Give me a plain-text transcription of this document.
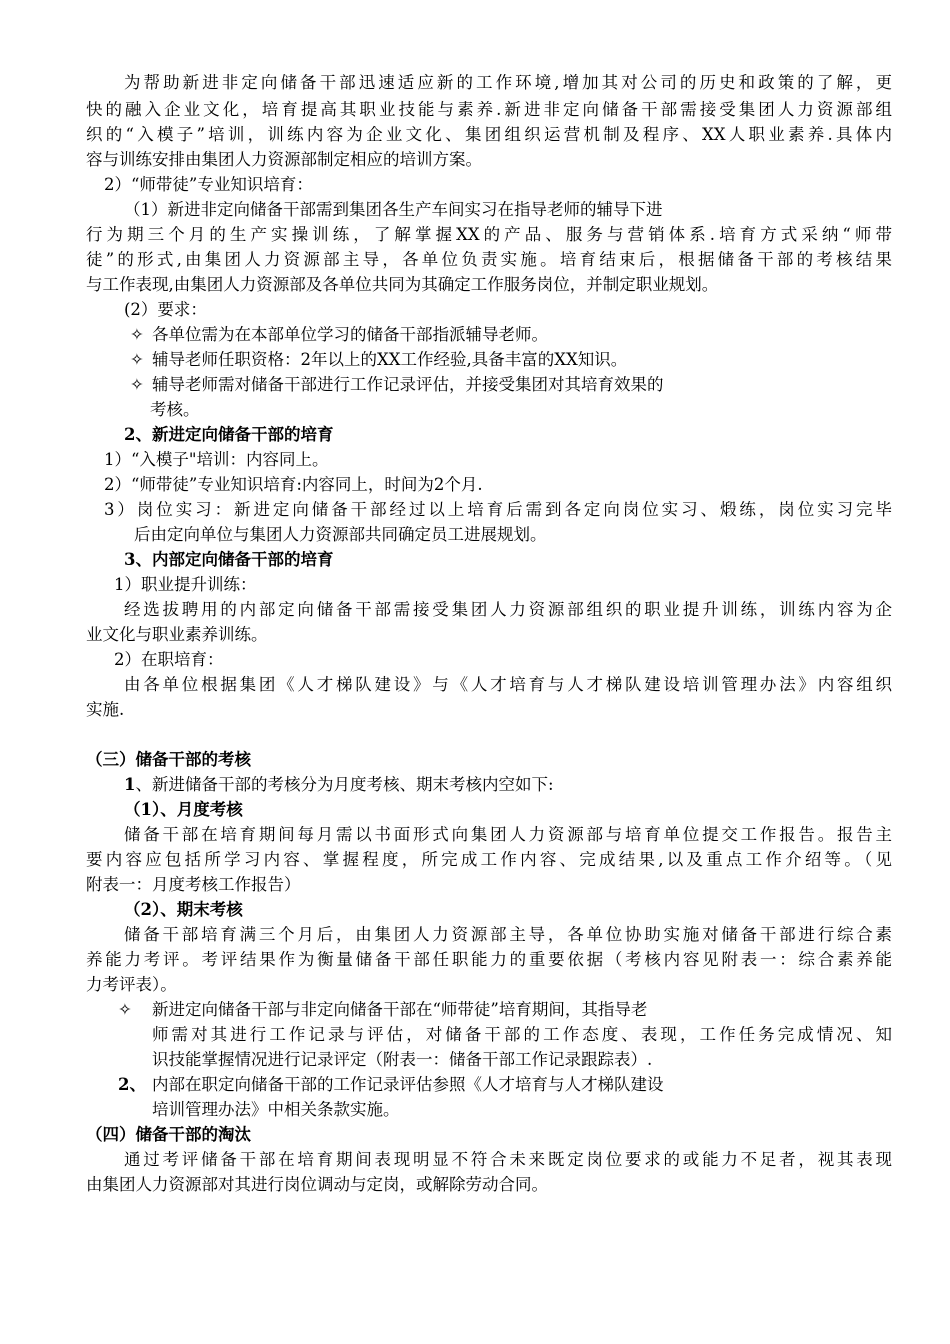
为帮助新进非定向储备干部迅速适应新的工作环境,增加其对公司的历史和政策的了解，更
快的融入企业文化，培育提高其职业技能与素养.新进非定向储备干部需接受集团人力资源部组
织的“入模子”培训，训练内容为企业文化、集团组织运营机制及程序、XX人职业素养.具体内
容与训练安排由集团人力资源部制定相应的培训方案。
2）“师带徒”专业知识培育：
（1）新进非定向储备干部需到集团各生产车间实习在指导老师的辅导下进
行为期三个月的生产实操训练，了解掌握XX的产品、服务与营销体系.培育方式采纳“师带
徒”的形式,由集团人力资源部主导，各单位负责实施。培育结束后，根据储备干部的考核结果
与工作表现,由集团人力资源部及各单位共同为其确定工作服务岗位，并制定职业规划。
(2）要求：
✧ 各单位需为在本部单位学习的储备干部指派辅导老师。
✧ 辅导老师任职资格：2年以上的XX工作经验,具备丰富的XX知识。
✧ 辅导老师需对储备干部进行工作记录评估，并接受集团对其培育效果的
考核。
2、新进定向储备干部的培育
1）“入模子"培训：内容同上。
2）“师带徒”专业知识培育:内容同上，时间为2个月.
3）岗位实习：新进定向储备干部经过以上培育后需到各定向岗位实习、煅练，岗位实习完毕
后由定向单位与集团人力资源部共同确定员工进展规划。
3、内部定向储备干部的培育
1）职业提升训练：
经选拔聘用的内部定向储备干部需接受集团人力资源部组织的职业提升训练，训练内容为企
业文化与职业素养训练。
2）在职培育：
由各单位根据集团《人才梯队建设》与《人才培育与人才梯队建设培训管理办法》内容组织
实施.
（三）储备干部的考核
1、新进储备干部的考核分为月度考核、期末考核内空如下:
（1）、月度考核
储备干部在培育期间每月需以书面形式向集团人力资源部与培育单位提交工作报告。报告主
要内容应包括所学习内容、掌握程度，所完成工作内容、完成结果,以及重点工作介绍等。（见
附表一：月度考核工作报告）
（2）、期末考核
储备干部培育满三个月后，由集团人力资源部主导，各单位协助实施对储备干部进行综合素
养能力考评。考评结果作为衡量储备干部任职能力的重要依据（考核内容见附表一：综合素养能
力考评表）。
✧ 新进定向储备干部与非定向储备干部在“师带徒”培育期间，其指导老
师需对其进行工作记录与评估，对储备干部的工作态度、表现，工作任务完成情况、知
识技能掌握情况进行记录评定（附表一：储备干部工作记录跟踪表）.
2、 内部在职定向储备干部的工作记录评估参照《人才培育与人才梯队建设
培训管理办法》中相关条款实施。
（四）储备干部的淘汰
通过考评储备干部在培育期间表现明显不符合未来既定岗位要求的或能力不足者，视其表现
由集团人力资源部对其进行岗位调动与定岗，或解除劳动合同。
